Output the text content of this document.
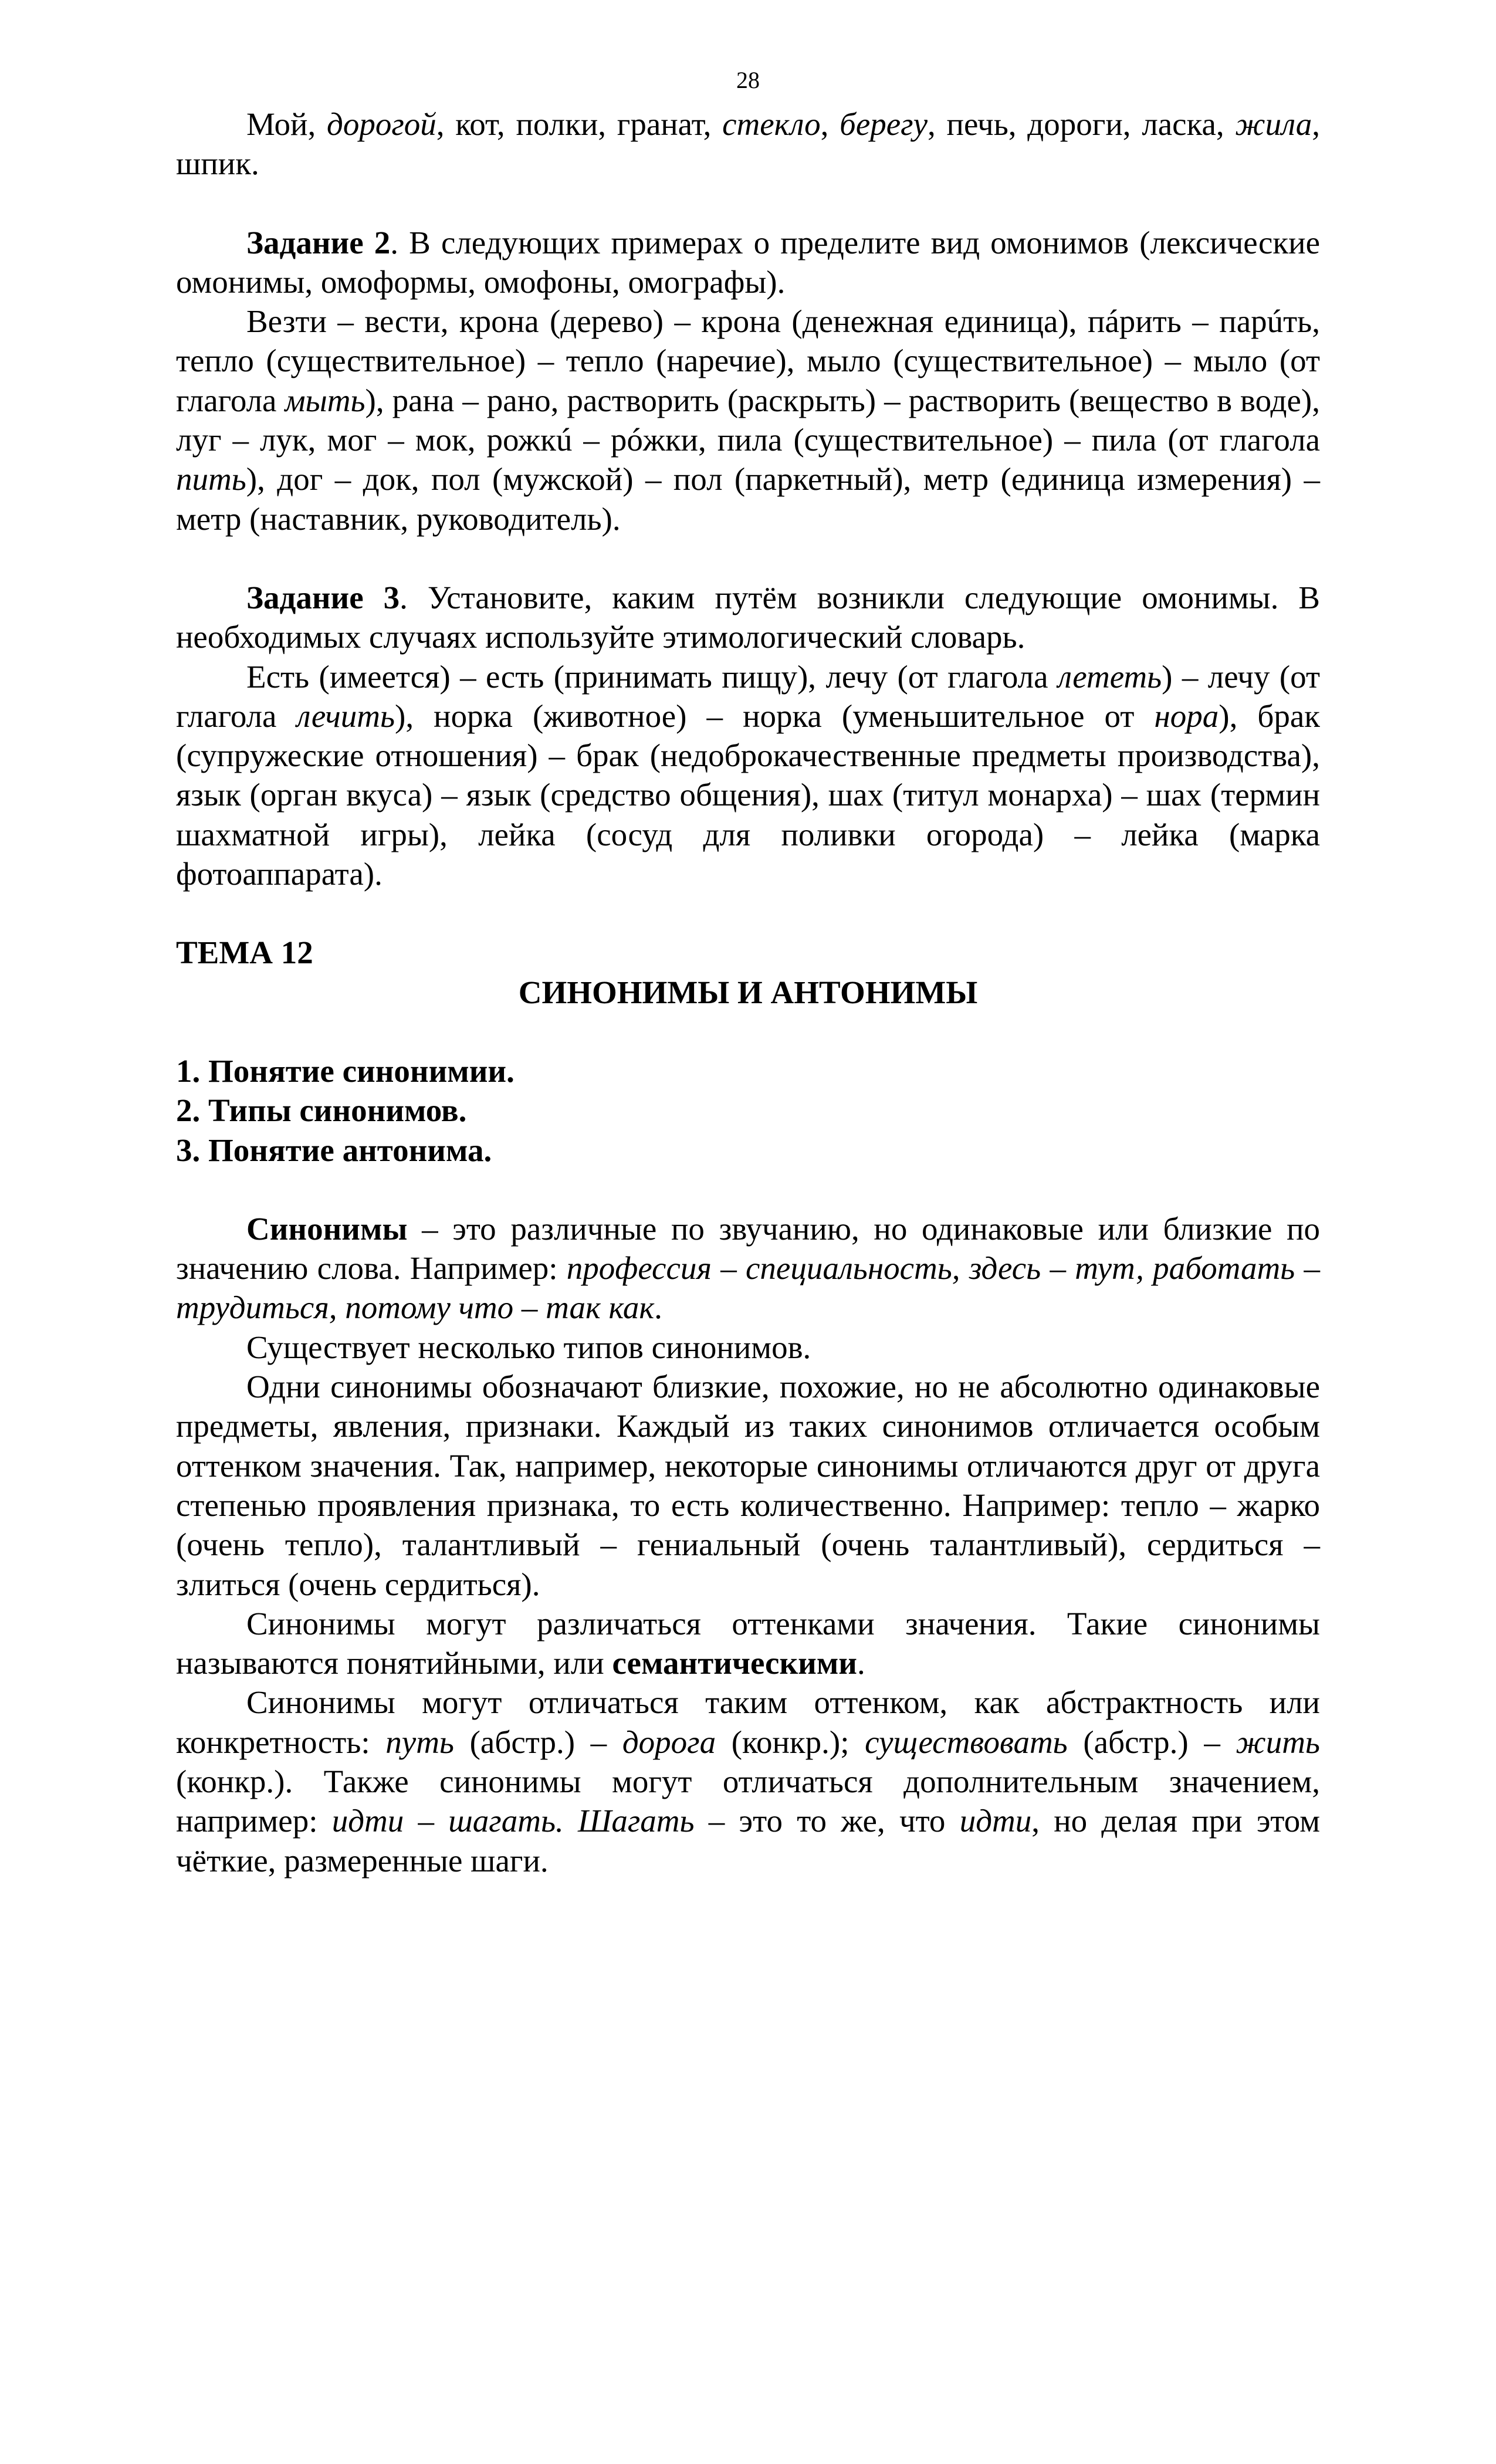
28

Мой, дорогой, кот, полки, гранат, стекло, берегу, печь, дороги, ласка, жила, шпик.

Задание 2. В следующих примерах о пределите вид омонимов (лексические омонимы, омоформы, омофоны, омографы).

Везти – вести, крона (дерево) – крона (денежная единица), пáрить – парúть, тепло (существительное) – тепло (наречие), мыло (существительное) – мыло (от глагола мыть), рана – рано, растворить (раскрыть) – растворить (вещество в воде), луг – лук, мог – мок, рожкú – рóжки, пила (существительное) – пила (от глагола пить), дог – док, пол (мужской) – пол (паркетный), метр (единица измерения) – метр (наставник, руководитель).

Задание 3. Установите, каким путём возникли следующие омонимы. В необходимых случаях используйте этимологический словарь.

Есть (имеется) – есть (принимать пищу), лечу (от глагола лететь) – лечу (от глагола лечить), норка (животное) – норка (уменьшительное от нора), брак (супружеские отношения) – брак (недоброкачественные предметы производства), язык (орган вкуса) – язык (средство общения), шах (титул монарха) – шах (термин шахматной игры), лейка (сосуд для поливки огорода) – лейка (марка фотоаппарата).

ТЕМА 12

СИНОНИМЫ И АНТОНИМЫ

1. Понятие синонимии.

2. Типы синонимов.

3. Понятие антонима.

Синонимы – это различные по звучанию, но одинаковые или близкие по значению слова. Например: профессия – специальность, здесь – тут, работать – трудиться, потому что – так как.

Существует несколько типов синонимов.

Одни синонимы обозначают близкие, похожие, но не абсолютно одинаковые предметы, явления, признаки. Каждый из таких синонимов отличается особым оттенком значения. Так, например, некоторые синонимы отличаются друг от друга степенью проявления признака, то есть количественно. Например: тепло – жарко (очень тепло), талантливый – гениальный (очень талантливый), сердиться – злиться (очень сердиться).

Синонимы могут различаться оттенками значения. Такие синонимы называются понятийными, или семантическими.

Синонимы могут отличаться таким оттенком, как абстрактность или конкретность: путь (абстр.) – дорога (конкр.); существовать (абстр.) – жить (конкр.). Также синонимы могут отличаться дополнительным значением, например: идти – шагать. Шагать – это то же, что идти, но делая при этом чёткие, размеренные шаги.
